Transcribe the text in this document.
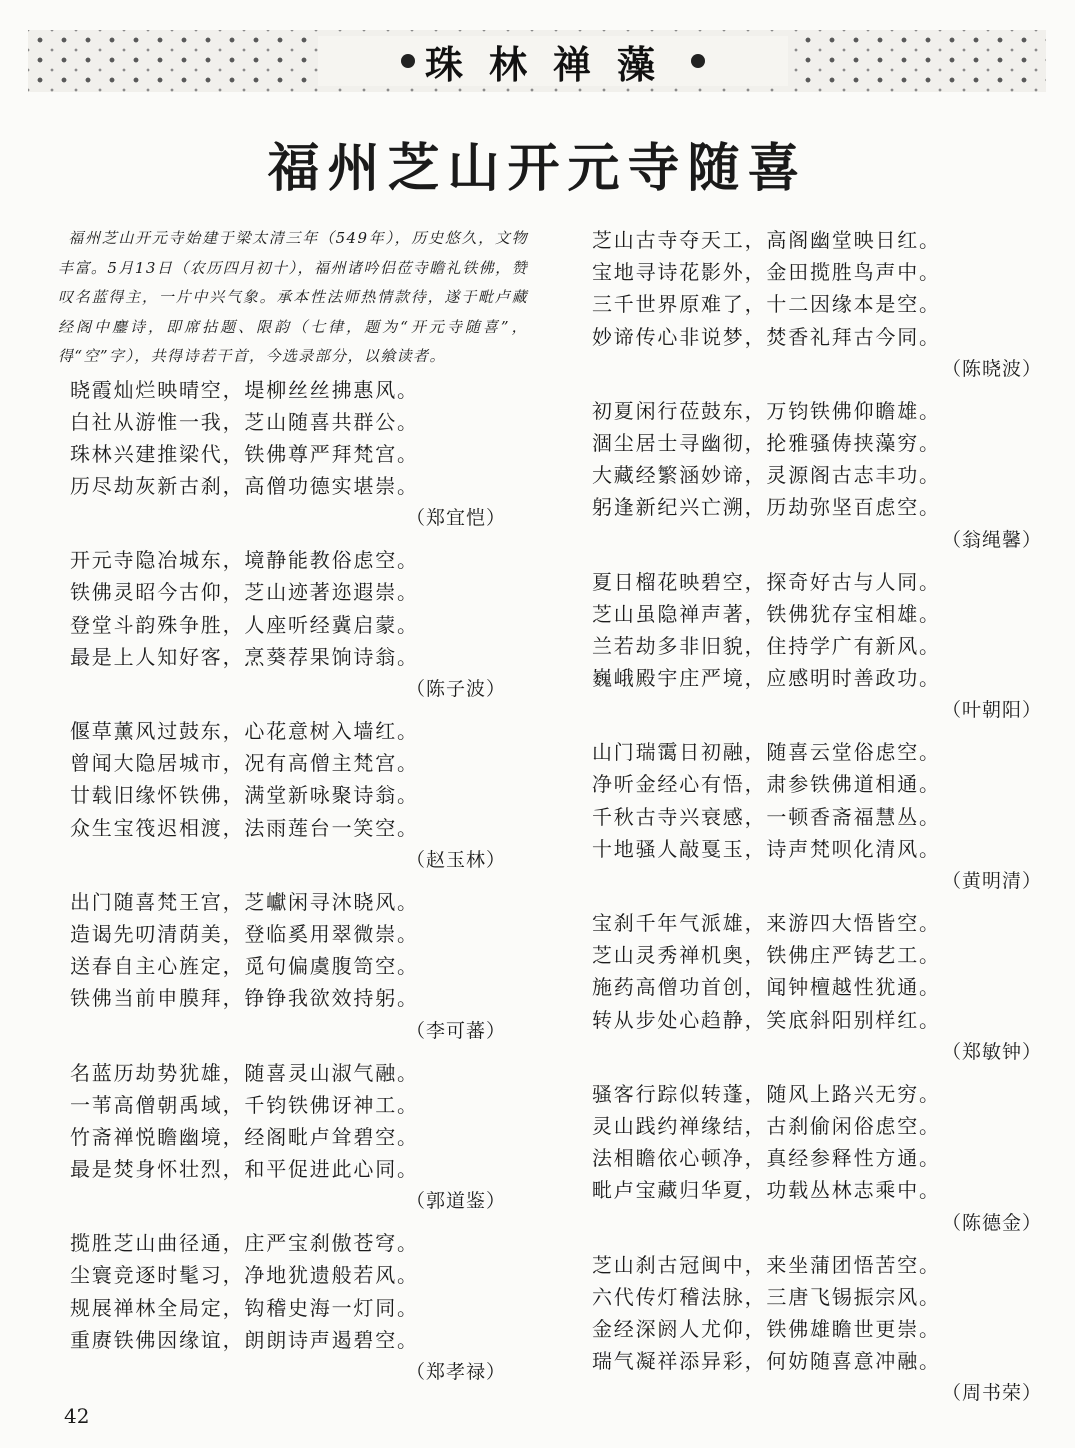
珠林禅藻
福州芝山开元寺随喜

福州芝山开元寺始建于梁太清三年（549年），历史悠久，文物丰富。5月13日（农历四月初十），福州诸吟侣莅寺瞻礼铁佛，赞叹名蓝得主，一片中兴气象。承本性法师热情款待，遂于毗卢藏经阁中鏖诗，即席拈题、限韵（七律，题为“开元寺随喜”，得“空”字），共得诗若干首，今选录部分，以飨读者。

晓霞灿烂映晴空，堤柳丝丝拂惠风。
白社从游惟一我，芝山随喜共群公。
珠林兴建推梁代，铁佛尊严拜梵宫。
历尽劫灰新古刹，高僧功德实堪崇。
（郑宜恺）
开元寺隐冶城东，境静能教俗虑空。
铁佛灵昭今古仰，芝山迹著迩遐崇。
登堂斗韵殊争胜，人座听经冀启蒙。
最是上人知好客，烹葵荐果饷诗翁。
（陈子波）
偃草薰风过鼓东，心花意树入墙红。
曾闻大隐居城市，况有高僧主梵宫。
廿载旧缘怀铁佛，满堂新咏聚诗翁。
众生宝筏迟相渡，法雨莲台一笑空。
（赵玉林）
出门随喜梵王宫，芝巘闲寻沐晓风。
造谒先叨清荫美，登临奚用翠微崇。
送春自主心旌定，觅句偏虞腹笥空。
铁佛当前申膜拜，铮铮我欲效持躬。
（李可蕃）
名蓝历劫势犹雄，随喜灵山淑气融。
一苇高僧朝禹域，千钧铁佛讶神工。
竹斋禅悦瞻幽境，经阁毗卢耸碧空。
最是焚身怀壮烈，和平促进此心同。
（郭道鉴）
揽胜芝山曲径通，庄严宝刹傲苍穹。
尘寰竞逐时髦习，净地犹遗般若风。
规展禅林全局定，钩稽史海一灯同。
重赓铁佛因缘谊，朗朗诗声遏碧空。
（郑孝禄）
芝山古寺夺天工，高阁幽堂映日红。
宝地寻诗花影外，金田揽胜鸟声中。
三千世界原难了，十二因缘本是空。
妙谛传心非说梦，焚香礼拜古今同。
（陈晓波）
初夏闲行莅鼓东，万钧铁佛仰瞻雄。
涸尘居士寻幽彻，抡雅骚俦挟藻穷。
大藏经繁涵妙谛，灵源阁古志丰功。
躬逢新纪兴亡溯，历劫弥坚百虑空。
（翁绳馨）
夏日榴花映碧空，探奇好古与人同。
芝山虽隐禅声著，铁佛犹存宝相雄。
兰若劫多非旧貌，住持学广有新风。
巍峨殿宇庄严境，应感明时善政功。
（叶朝阳）
山门瑞霭日初融，随喜云堂俗虑空。
净听金经心有悟，肃参铁佛道相通。
千秋古寺兴衰感，一顿香斋福慧丛。
十地骚人敲戛玉，诗声梵呗化清风。
（黄明清）
宝刹千年气派雄，来游四大悟皆空。
芝山灵秀禅机奥，铁佛庄严铸艺工。
施药高僧功首创，闻钟檀越性犹通。
转从步处心趋静，笑底斜阳别样红。
（郑敏钟）
骚客行踪似转蓬，随风上路兴无穷。
灵山践约禅缘结，古刹偷闲俗虑空。
法相瞻依心顿净，真经参释性方通。
毗卢宝藏归华夏，功载丛林志乘中。
（陈德金）
芝山刹古冠闽中，来坐蒲团悟苦空。
六代传灯稽法脉，三唐飞锡振宗风。
金经深阏人尤仰，铁佛雄瞻世更崇。
瑞气凝祥添异彩，何妨随喜意冲融。
（周书荣）
42
